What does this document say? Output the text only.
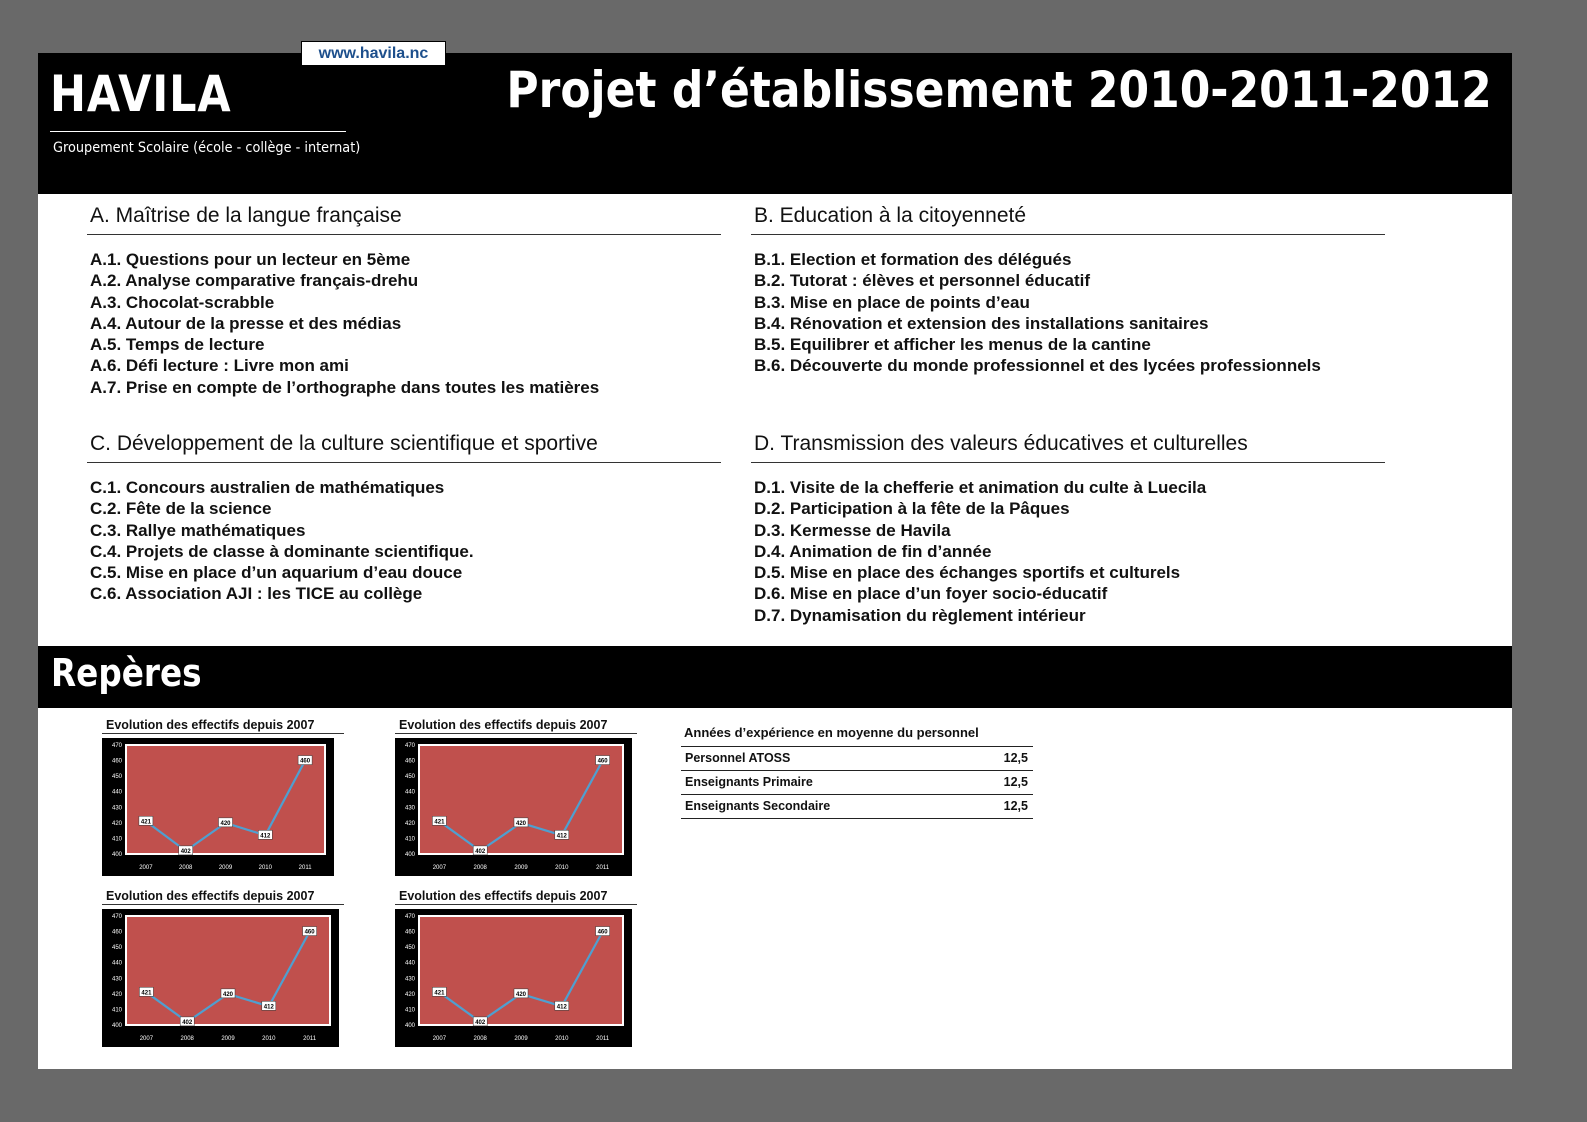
HAVILA
Groupement Scolaire (école - collège - internat)
www.havila.nc
Projet d’établissement 2010-2011-2012
A. Maîtrise de la langue française
A.1. Questions pour un lecteur en 5ème
A.2. Analyse comparative français-drehu
A.3. Chocolat-scrabble
A.4. Autour de la presse et des médias
A.5. Temps de lecture
A.6. Défi lecture : Livre mon ami
A.7. Prise en compte de l’orthographe dans toutes les matières
B. Education à la citoyenneté
B.1. Election et formation des délégués
B.2. Tutorat : élèves et personnel éducatif
B.3. Mise en place de points d’eau
B.4. Rénovation et extension des installations sanitaires
B.5. Equilibrer et afficher les menus de la cantine
B.6. Découverte du monde professionnel et des lycées professionnels
C. Développement de la culture scientifique et sportive
C.1. Concours australien de mathématiques
C.2. Fête de la science
C.3. Rallye mathématiques
C.4. Projets de classe à dominante scientifique.
C.5. Mise en place d’un aquarium d’eau douce
C.6. Association AJI : les TICE au collège
D. Transmission des valeurs éducatives et culturelles
D.1. Visite de la chefferie et animation du culte à Luecila
D.2. Participation à la fête de la Pâques
D.3. Kermesse de Havila
D.4. Animation de fin d’année
D.5. Mise en place des échanges sportifs et culturels
D.6. Mise en place d’un foyer socio-éducatif
D.7. Dynamisation du règlement intérieur
Repères
Evolution des effectifs depuis 2007
400
410
420
430
440
450
460
470
2007	2008	2009	2010	2011
421
402
420
412
460
Evolution des effectifs depuis 2007
400
410
420
430
440
450
460
470
2007	2008	2009	2010	2011
421
402
420
412
460
Evolution des effectifs depuis 2007
400
410
420
430
440
450
460
470
2007	2008	2009	2010	2011
421
402
420
412
460
Evolution des effectifs depuis 2007
400
410
420
430
440
450
460
470
2007	2008	2009	2010	2011
421
402
420
412
460
Années d’expérience en moyenne du personnel
Personnel ATOSS	12,5
Enseignants Primaire	12,5
Enseignants Secondaire	12,5
